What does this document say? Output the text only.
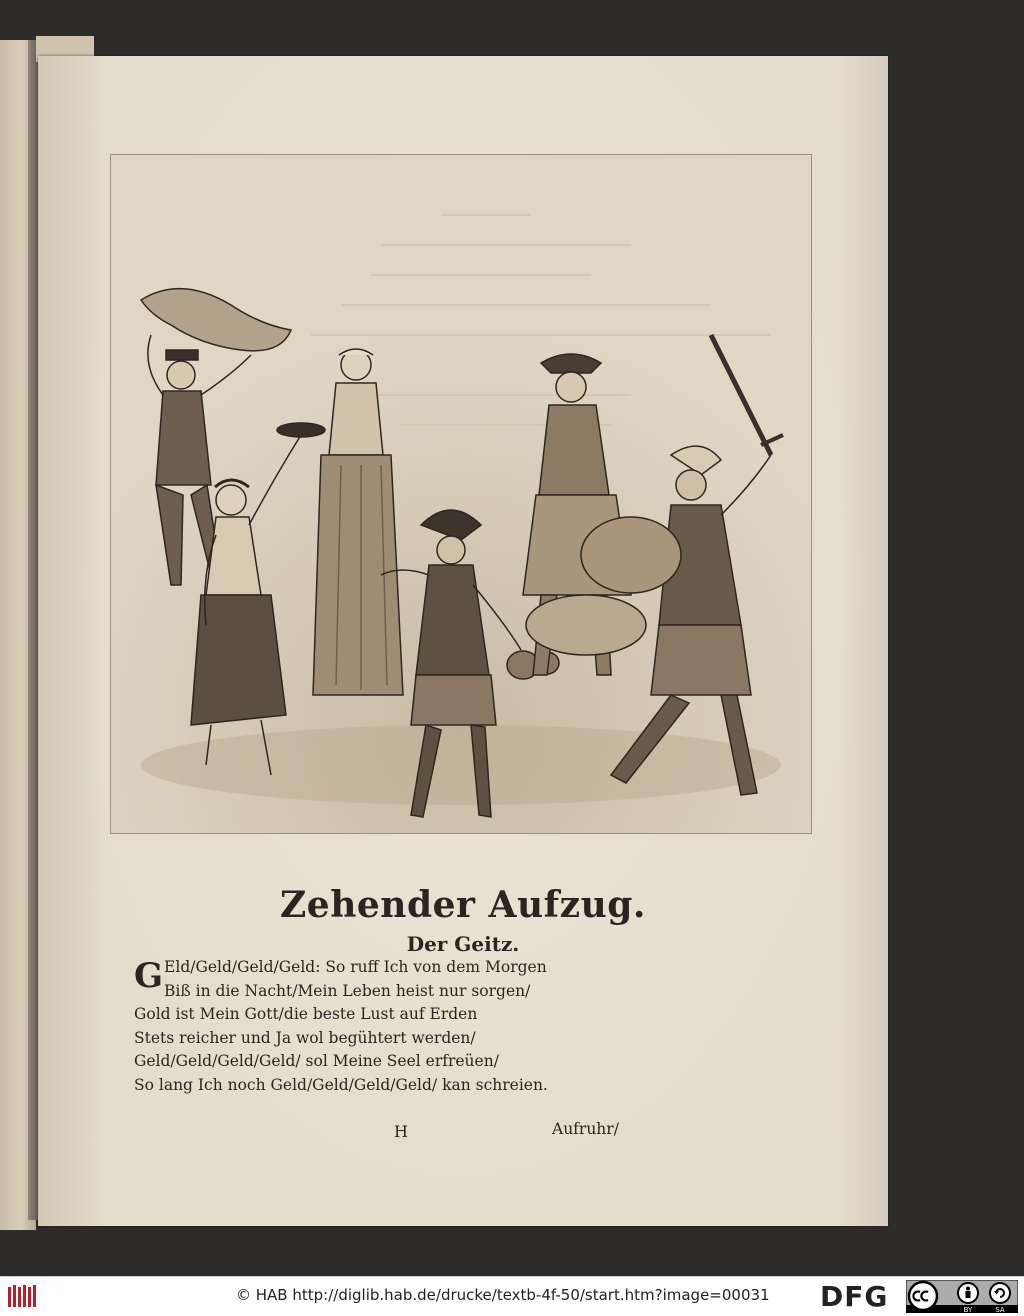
Zehender Aufzug.
Der Geitz.
G Eld/Geld/Geld/Geld: So ruff Ich von dem Morgen
Biß in die Nacht/Mein Leben heist nur sorgen/
Gold ist Mein Gott/die beste Lust auf Erden
Stets reicher und Ja wol begühtert werden/
Geld/Geld/Geld/Geld/ sol Meine Seel erfreüen/
So lang Ich noch Geld/Geld/Geld/Geld/ kan schreien.
H	Aufruhr/
© HAB http://diglib.hab.de/drucke/textb-4f-50/start.htm?image=00031 DFG	BY	SA
